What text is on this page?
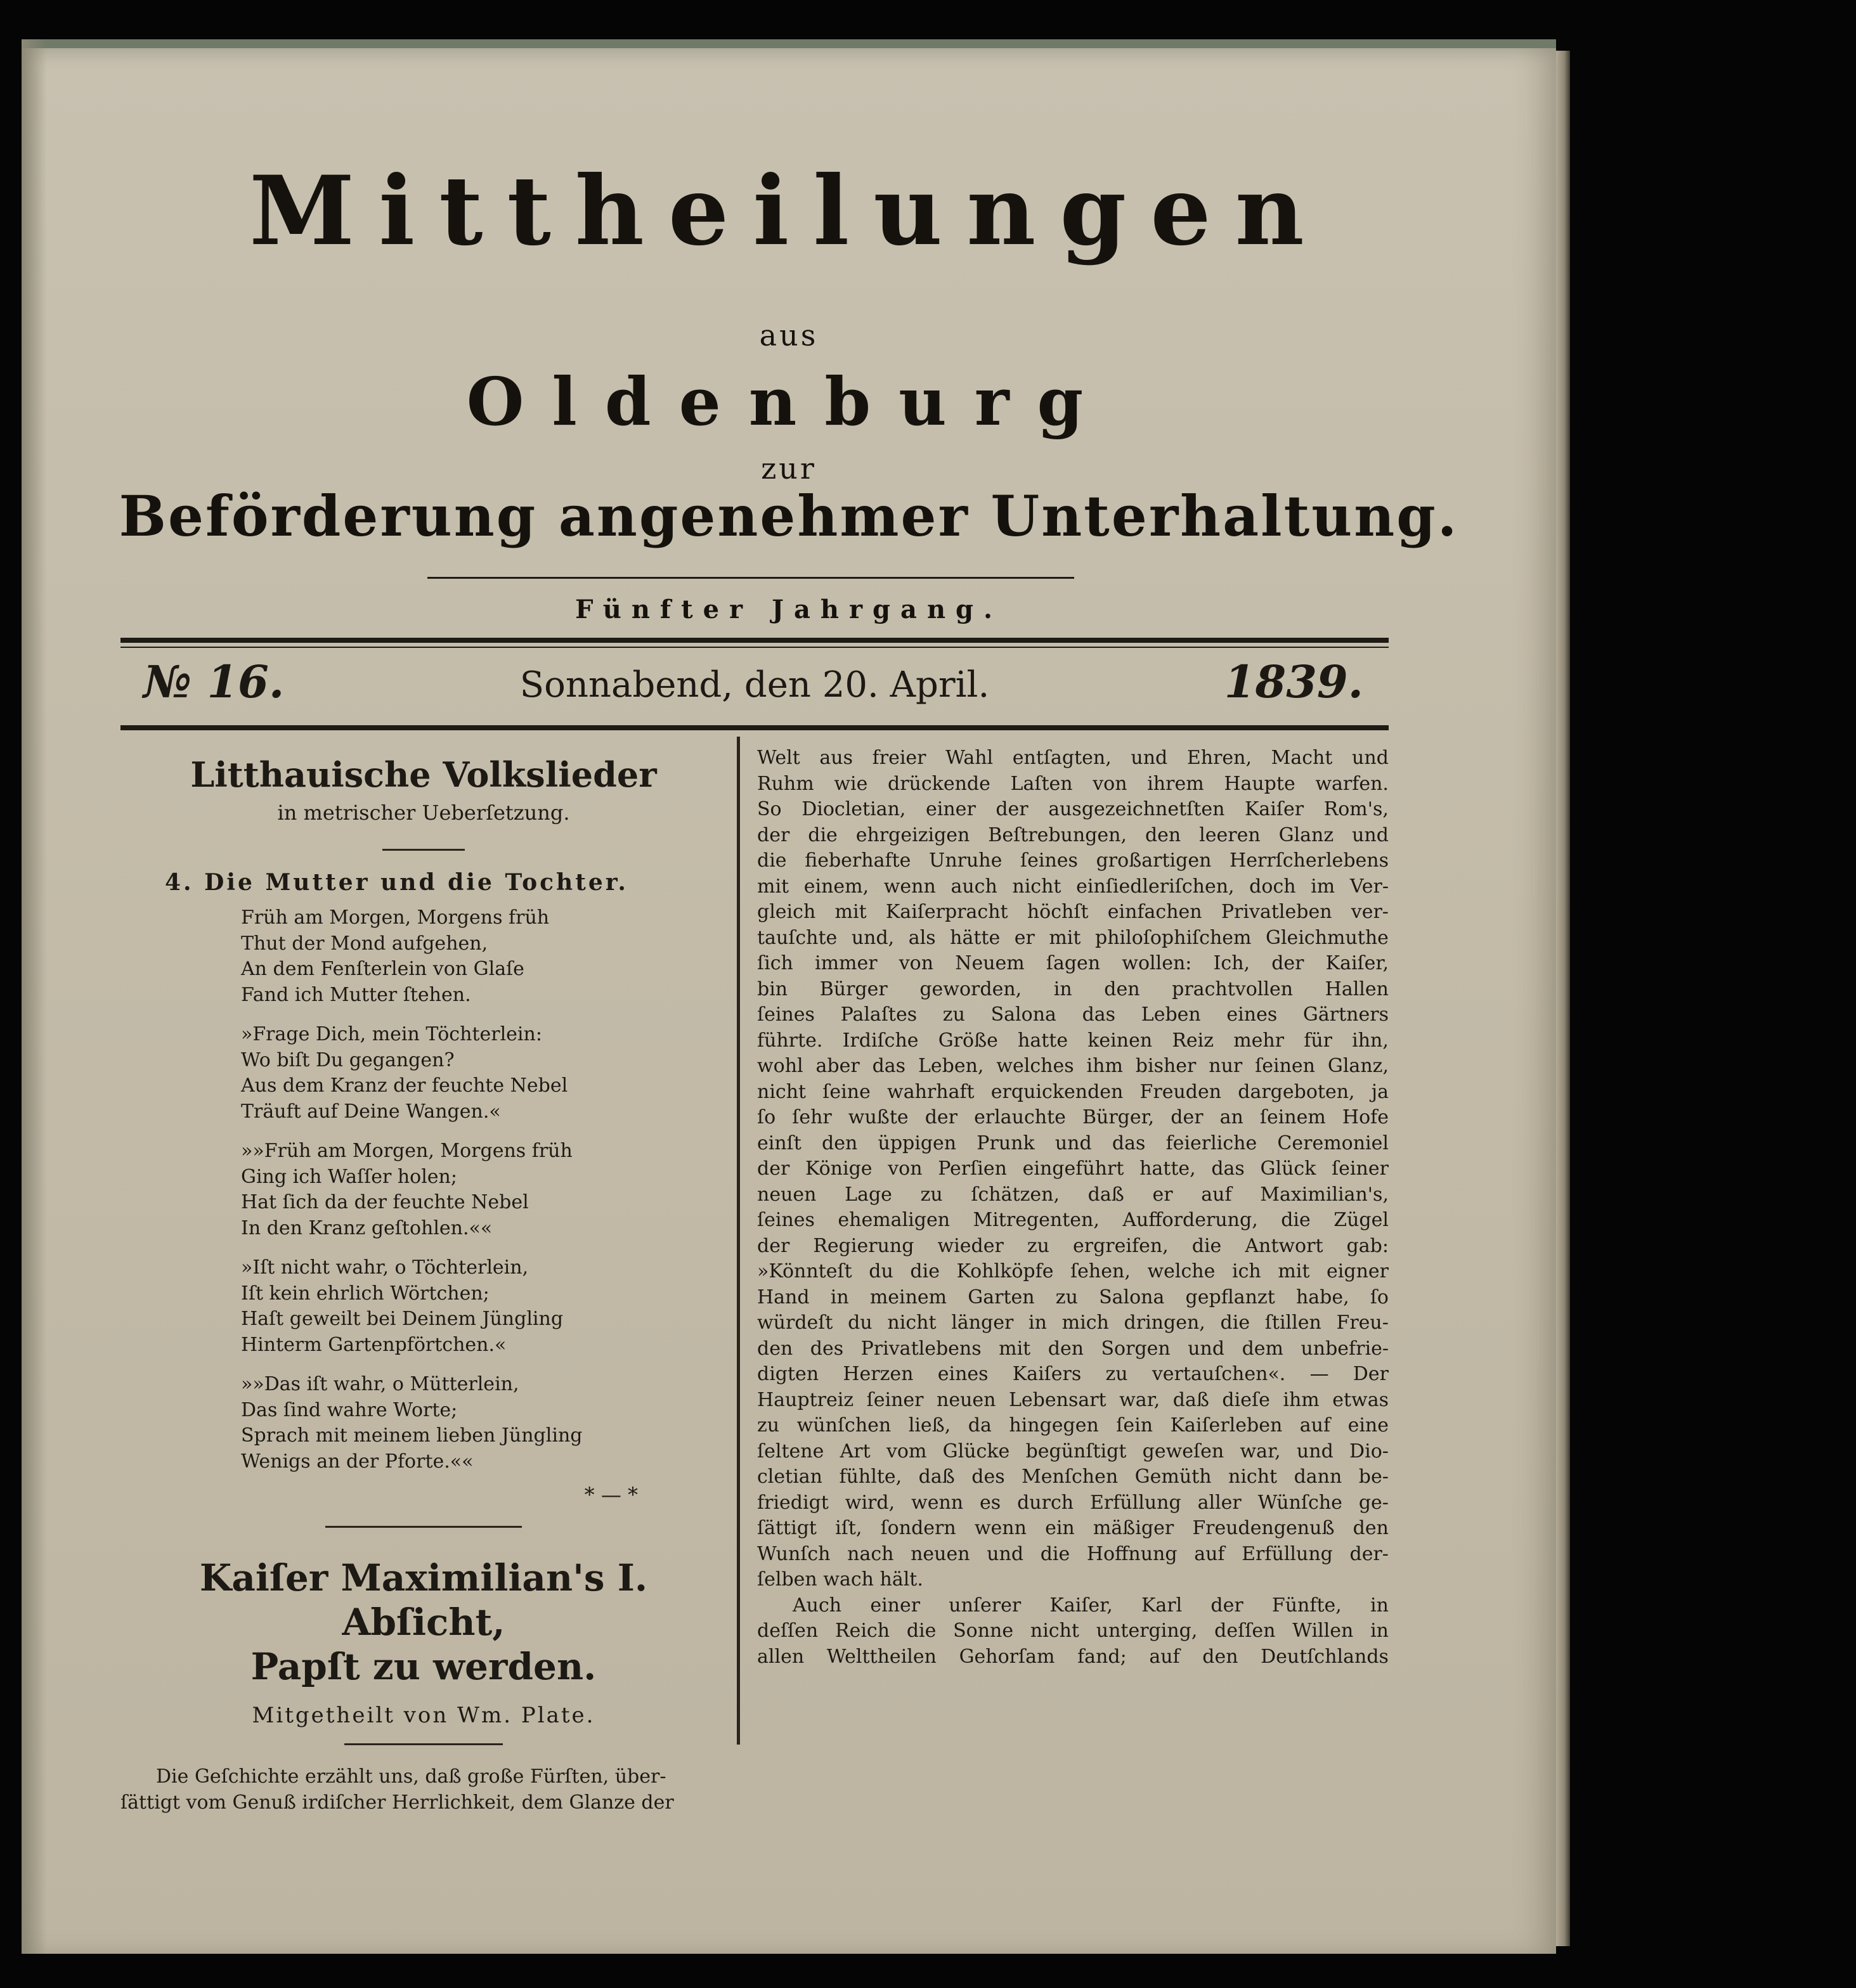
Mittheilungen
aus
Oldenburg
zur
Beförderung angenehmer Unterhaltung.
Fünfter Jahrgang.
№ 16.	Sonnabend, den 20. April.	1839.
Litthauische Volkslieder
in metrischer Ueberſetzung.
4. Die Mutter und die Tochter.
Früh am Morgen, Morgens früh
Thut der Mond aufgehen,
An dem Fenſterlein von Glaſe
Fand ich Mutter ſtehen.
»Frage Dich, mein Töchterlein:
Wo biſt Du gegangen?
Aus dem Kranz der feuchte Nebel
Träuft auf Deine Wangen.«
»»Früh am Morgen, Morgens früh
Ging ich Waſſer holen;
Hat ſich da der feuchte Nebel
In den Kranz geſtohlen.««
»Iſt nicht wahr, o Töchterlein,
Iſt kein ehrlich Wörtchen;
Haſt geweilt bei Deinem Jüngling
Hinterm Gartenpförtchen.«
»»Das iſt wahr, o Mütterlein,
Das ſind wahre Worte;
Sprach mit meinem lieben Jüngling
Wenigs an der Pforte.««
* — *
Kaiſer Maximilian's I. Abſicht,
Papſt zu werden.
Mitgetheilt von Wm. Plate.
Die Geſchichte erzählt uns, daß große Fürſten, über-
ſättigt vom Genuß irdiſcher Herrlichkeit, dem Glanze der
Welt aus freier Wahl entſagten, und Ehren, Macht und
Ruhm wie drückende Laſten von ihrem Haupte warfen.
So Diocletian, einer der ausgezeichnetſten Kaiſer Rom's,
der die ehrgeizigen Beſtrebungen, den leeren Glanz und
die fieberhafte Unruhe ſeines großartigen Herrſcherlebens
mit einem, wenn auch nicht einſiedleriſchen, doch im Ver-
gleich mit Kaiſerpracht höchſt einfachen Privatleben ver-
tauſchte und, als hätte er mit philoſophiſchem Gleichmuthe
ſich immer von Neuem ſagen wollen: Ich, der Kaiſer,
bin Bürger geworden, in den prachtvollen Hallen
ſeines Palaſtes zu Salona das Leben eines Gärtners
führte. Irdiſche Größe hatte keinen Reiz mehr für ihn,
wohl aber das Leben, welches ihm bisher nur ſeinen Glanz,
nicht ſeine wahrhaft erquickenden Freuden dargeboten, ja
ſo ſehr wußte der erlauchte Bürger, der an ſeinem Hofe
einſt den üppigen Prunk und das feierliche Ceremoniel
der Könige von Perſien eingeführt hatte, das Glück ſeiner
neuen Lage zu ſchätzen, daß er auf Maximilian's,
ſeines ehemaligen Mitregenten, Aufforderung, die Zügel
der Regierung wieder zu ergreifen, die Antwort gab:
»Könnteſt du die Kohlköpfe ſehen, welche ich mit eigner
Hand in meinem Garten zu Salona gepflanzt habe, ſo
würdeſt du nicht länger in mich dringen, die ſtillen Freu-
den des Privatlebens mit den Sorgen und dem unbefrie-
digten Herzen eines Kaiſers zu vertauſchen«. — Der
Hauptreiz ſeiner neuen Lebensart war, daß dieſe ihm etwas
zu wünſchen ließ, da hingegen ſein Kaiſerleben auf eine
ſeltene Art vom Glücke begünſtigt geweſen war, und Dio-
cletian fühlte, daß des Menſchen Gemüth nicht dann be-
friedigt wird, wenn es durch Erfüllung aller Wünſche ge-
ſättigt iſt, ſondern wenn ein mäßiger Freudengenuß den
Wunſch nach neuen und die Hoffnung auf Erfüllung der-
ſelben wach hält.
Auch einer unſerer Kaiſer, Karl der Fünfte, in
deſſen Reich die Sonne nicht unterging, deſſen Willen in
allen Welttheilen Gehorſam fand; auf den Deutſchlands
